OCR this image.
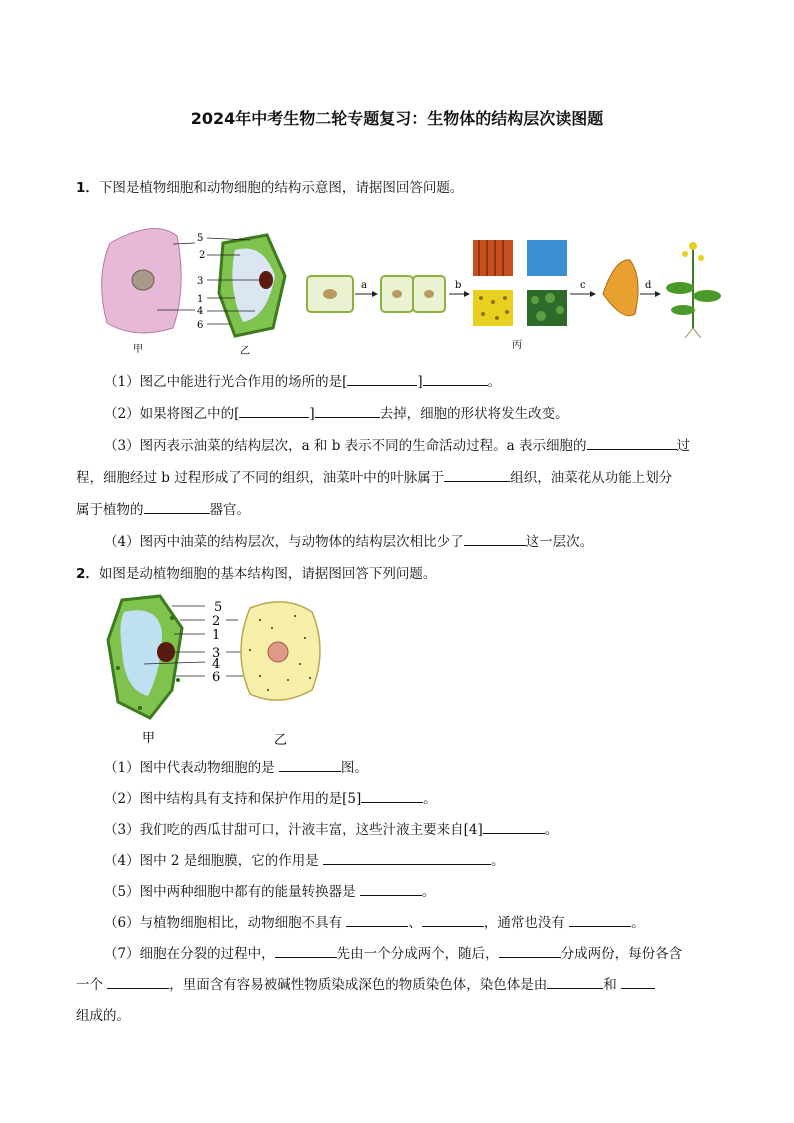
2024年中考生物二轮专题复习：生物体的结构层次读图题
1．下图是植物细胞和动物细胞的结构示意图，请据图回答问题。
甲
5
2
3
1
4
6
乙
a	b
丙
c	d
（1）图乙中能进行光合作用的场所的是[	]	。
（2）如果将图乙中的[	]	去掉，细胞的形状将发生改变。
（3）图丙表示油菜的结构层次，a 和 b 表示不同的生命活动过程。a 表示细胞的	过
程，细胞经过 b 过程形成了不同的组织，油菜叶中的叶脉属于	组织，油菜花从功能上划分
属于植物的	器官。
（4）图丙中油菜的结构层次，与动物体的结构层次相比少了	这一层次。
2．如图是动植物细胞的基本结构图，请据图回答下列问题。
5
2
1
3
4
6
甲	乙
（1）图中代表动物细胞的是	图。
（2）图中结构具有支持和保护作用的是[5]	。
（3）我们吃的西瓜甘甜可口，汁液丰富，这些汁液主要来自[4]	。
（4）图中 2 是细胞膜，它的作用是	。
（5）图中两种细胞中都有的能量转换器是	。
（6）与植物细胞相比，动物细胞不具有	、	，通常也没有	。
（7）细胞在分裂的过程中，	先由一个分成两个，随后，	分成两份，每份各含
一个	，里面含有容易被碱性物质染成深色的物质染色体，染色体是由	和
组成的。
